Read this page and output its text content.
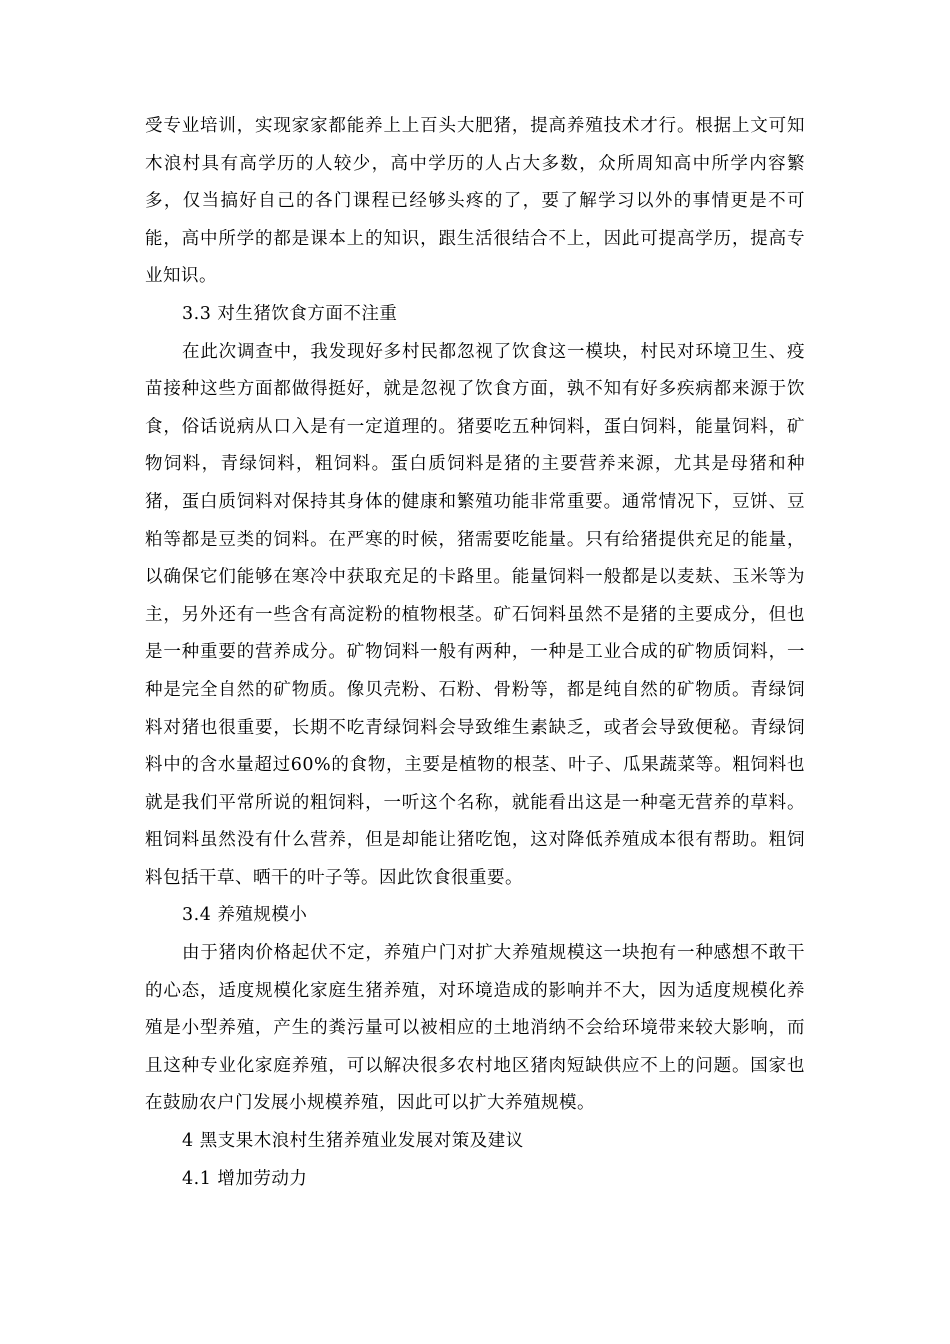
受专业培训，实现家家都能养上上百头大肥猪，提高养殖技术才行。根据上文可知木浪村具有高学历的人较少，高中学历的人占大多数，众所周知高中所学内容繁多，仅当搞好自己的各门课程已经够头疼的了，要了解学习以外的事情更是不可能，高中所学的都是课本上的知识，跟生活很结合不上，因此可提高学历，提高专业知识。

3.3 对生猪饮食方面不注重

在此次调查中，我发现好多村民都忽视了饮食这一模块，村民对环境卫生、疫苗接种这些方面都做得挺好，就是忽视了饮食方面，孰不知有好多疾病都来源于饮食，俗话说病从口入是有一定道理的。猪要吃五种饲料，蛋白饲料，能量饲料，矿物饲料，青绿饲料，粗饲料。蛋白质饲料是猪的主要营养来源，尤其是母猪和种猪，蛋白质饲料对保持其身体的健康和繁殖功能非常重要。通常情况下，豆饼、豆粕等都是豆类的饲料。在严寒的时候，猪需要吃能量。只有给猪提供充足的能量，以确保它们能够在寒冷中获取充足的卡路里。能量饲料一般都是以麦麸、玉米等为主，另外还有一些含有高淀粉的植物根茎。矿石饲料虽然不是猪的主要成分，但也是一种重要的营养成分。矿物饲料一般有两种，一种是工业合成的矿物质饲料，一种是完全自然的矿物质。像贝壳粉、石粉、骨粉等，都是纯自然的矿物质。青绿饲料对猪也很重要，长期不吃青绿饲料会导致维生素缺乏，或者会导致便秘。青绿饲料中的含水量超过60%的食物，主要是植物的根茎、叶子、瓜果蔬菜等。粗饲料也就是我们平常所说的粗饲料，一听这个名称，就能看出这是一种毫无营养的草料。粗饲料虽然没有什么营养，但是却能让猪吃饱，这对降低养殖成本很有帮助。粗饲料包括干草、晒干的叶子等。因此饮食很重要。

3.4 养殖规模小

由于猪肉价格起伏不定，养殖户门对扩大养殖规模这一块抱有一种感想不敢干的心态，适度规模化家庭生猪养殖，对环境造成的影响并不大，因为适度规模化养殖是小型养殖，产生的粪污量可以被相应的土地消纳不会给环境带来较大影响，而且这种专业化家庭养殖，可以解决很多农村地区猪肉短缺供应不上的问题。国家也在鼓励农户门发展小规模养殖，因此可以扩大养殖规模。

4 黑支果木浪村生猪养殖业发展对策及建议

4.1 增加劳动力
